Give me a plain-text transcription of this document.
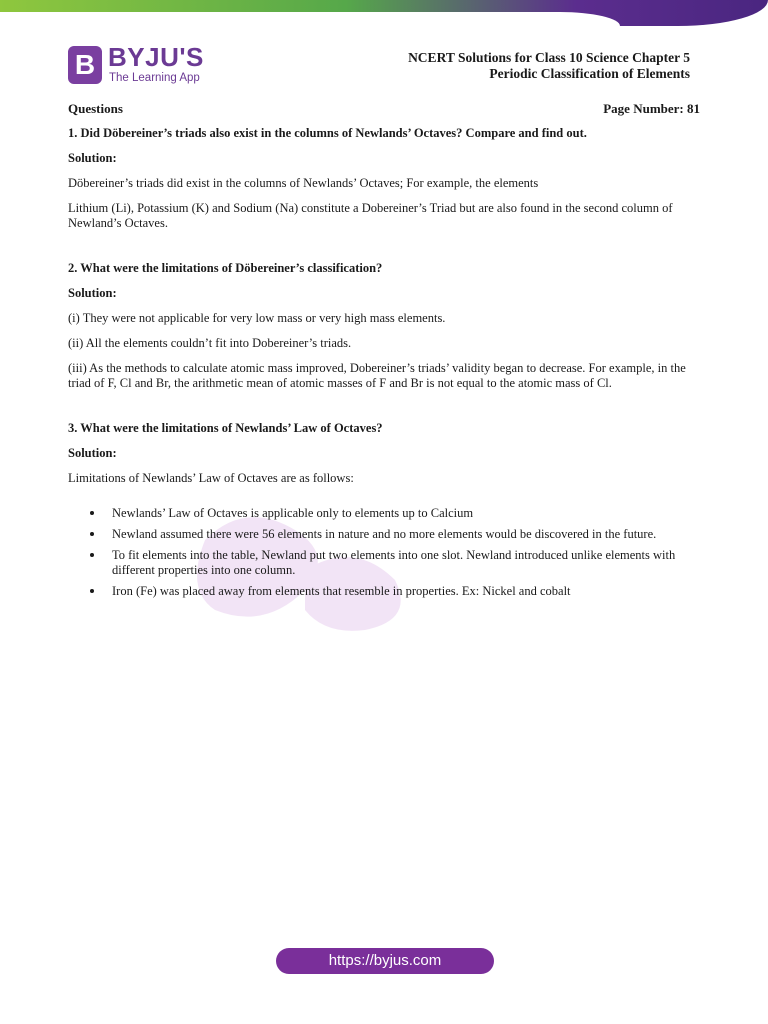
B BYJU'S
The Learning App
NCERT Solutions for Class 10 Science Chapter 5
Periodic Classification of Elements
Questions	Page Number: 81
1. Did Döbereiner’s triads also exist in the columns of Newlands’ Octaves? Compare and find out.
Solution:
Döbereiner’s triads did exist in the columns of Newlands’ Octaves; For example, the elements
Lithium (Li), Potassium (K) and Sodium (Na) constitute a Dobereiner’s Triad but are also found in the second column of Newland’s Octaves.
2. What were the limitations of Döbereiner’s classification?
Solution:
(i) They were not applicable for very low mass or very high mass elements.
(ii) All the elements couldn’t fit into Dobereiner’s triads.
(iii) As the methods to calculate atomic mass improved, Dobereiner’s triads’ validity began to decrease. For example, in the triad of F, Cl and Br, the arithmetic mean of atomic masses of F and Br is not equal to the atomic mass of Cl.
3. What were the limitations of Newlands’ Law of Octaves?
Solution:
Limitations of Newlands’ Law of Octaves are as follows:
Newlands’ Law of Octaves is applicable only to elements up to Calcium
Newland assumed there were 56 elements in nature and no more elements would be discovered in the future.
To fit elements into the table, Newland put two elements into one slot. Newland introduced unlike elements with different properties into one column.
Iron (Fe) was placed away from elements that resemble in properties. Ex: Nickel and cobalt
https://byjus.com
